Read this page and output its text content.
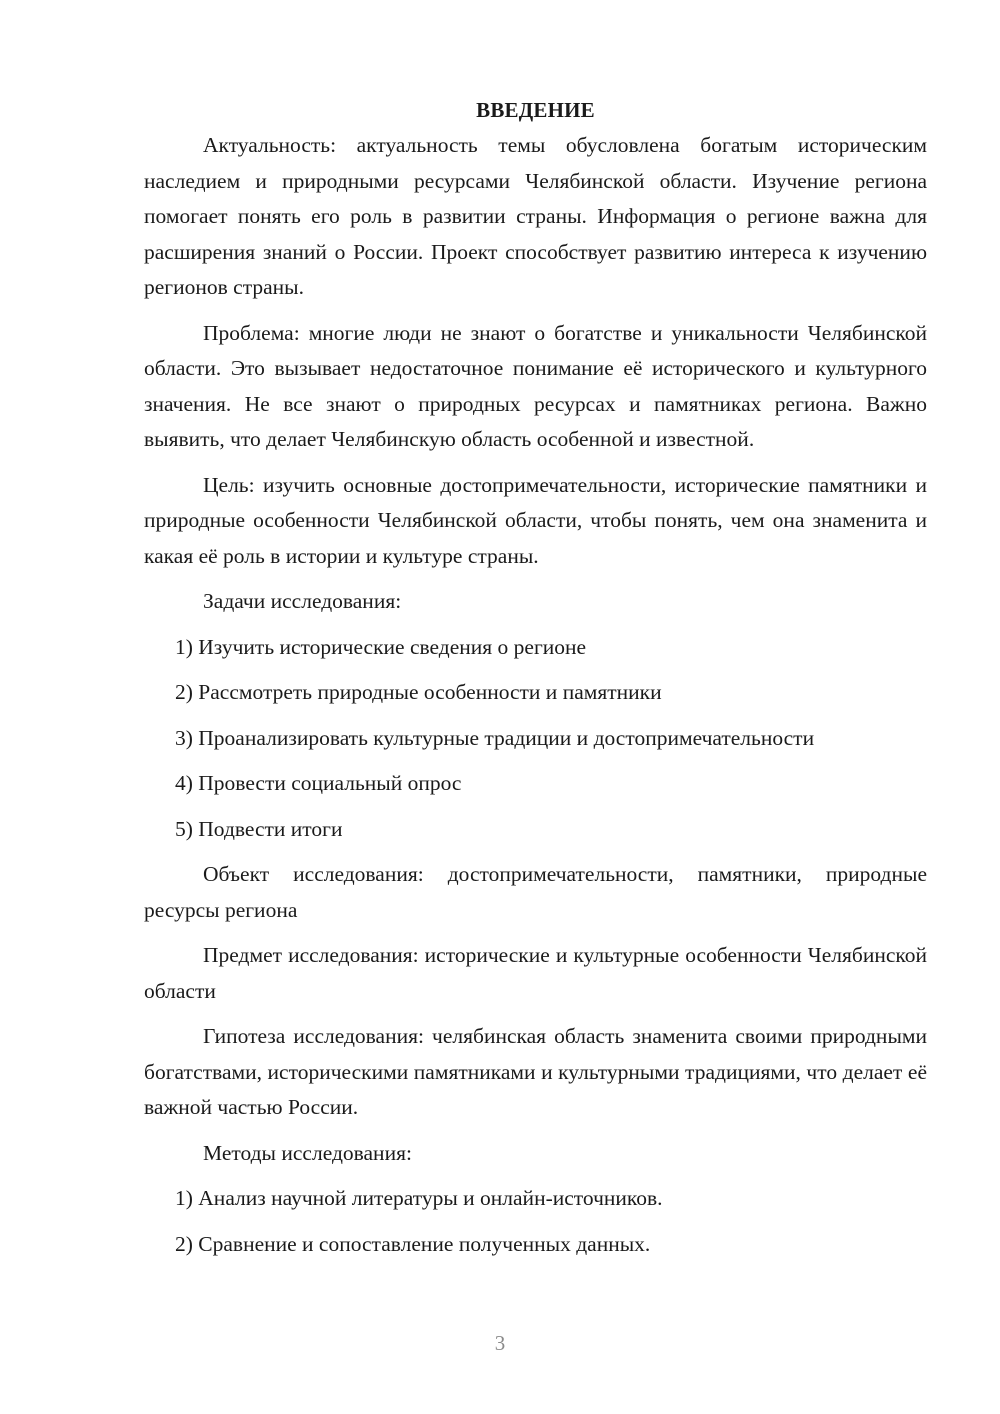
ВВЕДЕНИЕ

Актуальность: актуальность темы обусловлена богатым историческим наследием и природными ресурсами Челябинской области. Изучение региона помогает понять его роль в развитии страны. Информация о регионе важна для расширения знаний о России. Проект способствует развитию интереса к изучению регионов страны.

Проблема: многие люди не знают о богатстве и уникальности Челябинской области. Это вызывает недостаточное понимание её исторического и культурного значения. Не все знают о природных ресурсах и памятниках региона. Важно выявить, что делает Челябинскую область особенной и известной.

Цель: изучить основные достопримечательности, исторические памятники и природные особенности Челябинской области, чтобы понять, чем она знаменита и какая её роль в истории и культуре страны.

Задачи исследования:

1) Изучить исторические сведения о регионе
2) Рассмотреть природные особенности и памятники
3) Проанализировать культурные традиции и достопримечательности
4) Провести социальный опрос
5) Подвести итоги

Объект исследования: достопримечательности, памятники, природные ресурсы региона

Предмет исследования: исторические и культурные особенности Челябинской области

Гипотеза исследования: челябинская область знаменита своими природными богатствами, историческими памятниками и культурными традициями, что делает её важной частью России.

Методы исследования:

1) Анализ научной литературы и онлайн-источников.
2) Сравнение и сопоставление полученных данных.
3
